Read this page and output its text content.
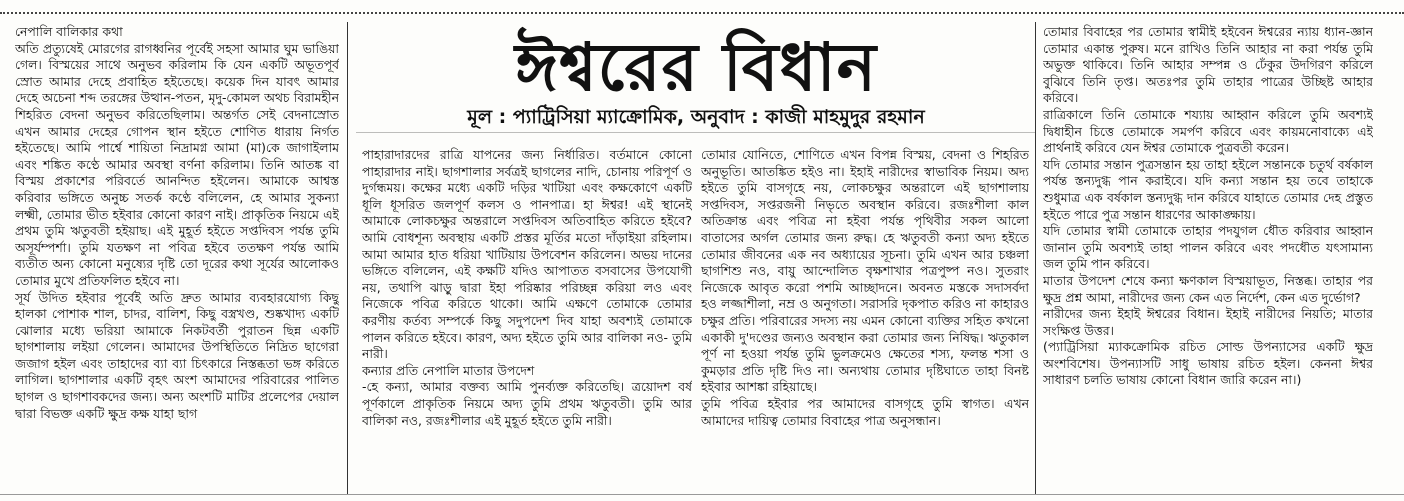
নেপালি বালিকার কথা

অতি প্রত্যুষেই মোরগের রাগধ্বনির পূর্বেই সহসা আমার ঘুম ভাঙিয়া গেল। বিস্ময়ের সাথে অনুভব করিলাম কি যেন একটি অভূতপূর্ব স্রোত আমার দেহে প্রবাহিত হইতেছে। কয়েক দিন যাবৎ আমার দেহে অচেনা শব্দ তরঙ্গের উত্থান-পতন, মৃদু-কোমল অথচ বিরামহীন শিহরিত বেদনা অনুভব করিতেছিলাম। অন্তর্গত সেই বেদনাস্রোত এখন আমার দেহের গোপন স্থান হইতে শোণিত ধারায় নির্গত হইতেছে। আমি পার্শ্বে শায়িতা নিদ্রামগ্ন আমা (মা)কে জাগাইলাম এবং শঙ্কিত কণ্ঠে আমার অবস্থা বর্ণনা করিলাম। তিনি আতঙ্ক বা বিস্ময় প্রকাশের পরিবর্তে আনন্দিত হইলেন। আমাকে আশ্বস্ত করিবার ভঙ্গিতে অনুচ্চ সতর্ক কণ্ঠে বলিলেন, হে আমার সুকন্যা লক্ষ্মী, তোমার ভীত হইবার কোনো কারণ নাই। প্রাকৃতিক নিয়মে এই প্রথম তুমি ঋতুবতী হইয়াছ। এই মুহূর্ত হইতে সপ্তদিবস পর্যন্ত তুমি অসূর্যম্পর্শা। তুমি যতক্ষণ না পবিত্র হইবে ততক্ষণ পর্যন্ত আমি ব্যতীত অন্য কোনো মনুষ্যের দৃষ্টি তো দূরের কথা সূর্যের আলোকও তোমার মুখে প্রতিফলিত হইবে না।

সূর্য উদিত হইবার পূর্বেই অতি দ্রুত আমার ব্যবহারযোগ্য কিছু হালকা পোশাক শাল, চাদর, বালিশ, কিছু বস্ত্রখণ্ড, শুষ্কখাদ্য একটি ঝোলার মধ্যে ভরিয়া আমাকে নিকটবর্তী পুরাতন ছিন্ন একটি ছাগশালায় লইয়া গেলেন। আমাদের উপস্থিতিতে নিদ্রিত ছাগেরা জজাগ হইল এবং তাহাদের ব্যা ব্যা চিৎকারে নিস্তব্ধতা ভঙ্গ করিতে লাগিল। ছাগশালার একটি বৃহৎ অংশ আমাদের পরিবারের পালিত ছাগল ও ছাগশাবকদের জন্য। অন্য অংশটি মাটির প্রলেপের দেয়াল দ্বারা বিভক্ত একটি ক্ষুদ্র কক্ষ যাহা ছাগ

ঈশ্বরের বিধান
মূল : প্যাট্রিসিয়া ম্যাক্রোমিক, অনুবাদ : কাজী মাহমুদুর রহমান

পাহারাদারদের রাত্রি যাপনের জন্য নির্ধারিত। বর্তমানে কোনো পাহারাদার নাই। ছাগশালার সর্বত্রই ছাগলের নাদি, চোনায় পরিপূর্ণ ও দুর্গন্ধময়। কক্ষের মধ্যে একটি দড়ির খাটিয়া এবং কক্ষকোণে একটি ধূলি ধূসরিত জলপূর্ণ কলস ও পানপাত্র। হা ঈশ্বর! এই স্থানেই আমাকে লোকচক্ষুর অন্তরালে সপ্তদিবস অতিবাহিত করিতে হইবে? আমি বোধশূন্য অবস্থায় একটি প্রস্তর মূর্তির মতো দাঁড়াইয়া রহিলাম। আমা আমার হাত ধরিয়া খাটিয়ায় উপবেশন করিলেন। অভয় দানের ভঙ্গিতে বলিলেন, এই কক্ষটি যদিও আপাতত বসবাসের উপযোগী নয়, তথাপি ঝাড়ু দ্বারা ইহা পরিষ্কার পরিচ্ছন্ন করিয়া লও এবং নিজেকে পবিত্র করিতে থাকো। আমি এক্ষণে তোমাকে তোমার করণীয় কর্তব্য সম্পর্কে কিছু সদুপদেশ দিব যাহা অবশ্যই তোমাকে পালন করিতে হইবে। কারণ, অদ্য হইতে তুমি আর বালিকা নও- তুমি নারী।

কন্যার প্রতি নেপালি মাতার উপদেশ

-হে কন্যা, আমার বক্তব্য আমি পুনর্ব্যক্ত করিতেছি। ত্রয়োদশ বর্ষ পূর্ণকালে প্রাকৃতিক নিয়মে অদ্য তুমি প্রথম ঋতুবতী। তুমি আর বালিকা নও, রজঃশীলার এই মুহূর্ত হইতে তুমি নারী।

তোমার যোনিতে, শোণিতে এখন বিপন্ন বিস্ময়, বেদনা ও শিহরিত অনুভূতি। আতঙ্কিত হইও না। ইহাই নারীদের স্বাভাবিক নিয়ম। অদ্য হইতে তুমি বাসগৃহে নয়, লোকচক্ষুর অন্তরালে এই ছাগশালায় সপ্তদিবস, সপ্তরজনী নিভৃতে অবস্থান করিবে। রজঃশীলা কাল অতিক্রান্ত এবং পবিত্র না হইবা পর্যন্ত পৃথিবীর সকল আলো বাতাসের অর্গল তোমার জন্য রুদ্ধ। হে ঋতুবতী কন্যা অদ্য হইতে তোমার জীবনের এক নব অধ্যায়ের সূচনা। তুমি এখন আর চঞ্চলা ছাগশিশু নও, বায়ু আন্দোলিত বৃক্ষশাখার পত্রপুষ্প নও। সুতরাং নিজেকে আবৃত করো পশমি আচ্ছাদনে। অবনত মস্তকে সদাসর্বদা হও লজ্জাশীলা, নম্র ও অনুগতা। সরাসরি দৃকপাত করিও না কাহারও চক্ষুর প্রতি। পরিবারের সদস্য নয় এমন কোনো ব্যক্তির সহিত কখনো একাকী দু'দণ্ডের জন্যও অবস্থান করা তোমার জন্য নিষিদ্ধ। ঋতুকাল পূর্ণ না হওয়া পর্যন্ত তুমি ভুলক্রমেও ক্ষেতের শস্য, ফলন্ত শসা ও কুমড়ার প্রতি দৃষ্টি দিও না। অন্যথায় তোমার দৃষ্টিঘাতে তাহা বিনষ্ট হইবার আশঙ্কা রহিয়াছে।

তুমি পবিত্র হইবার পর আমাদের বাসগৃহে তুমি স্বাগত। এখন আমাদের দায়িত্ব তোমার বিবাহের পাত্র অনুসন্ধান।

তোমার বিবাহের পর তোমার স্বামীই হইবেন ঈশ্বরের ন্যায় ধ্যান-জ্ঞান তোমার একান্ত পুরুষ। মনে রাখিও তিনি আহার না করা পর্যন্ত তুমি অভুক্ত থাকিবে। তিনি আহার সম্পন্ন ও ঢেঁকুর উদগিরণ করিলে বুঝিবে তিনি তৃপ্ত। অতঃপর তুমি তাহার পাত্রের উচ্ছিষ্ট আহার করিবে।

রাত্রিকালে তিনি তোমাকে শয্যায় আহ্বান করিলে তুমি অবশ্যই দ্বিধাহীন চিত্তে তোমাকে সমর্পণ করিবে এবং কায়মনোবাক্যে এই প্রার্থনাই করিবে যেন ঈশ্বর তোমাকে পুত্রবতী করেন।

যদি তোমার সন্তান পুত্রসন্তান হয় তাহা হইলে সন্তানকে চতুর্থ বর্ষকাল পর্যন্ত স্তন্যদুগ্ধ পান করাইবে। যদি কন্যা সন্তান হয় তবে তাহাকে শুধুমাত্র এক বর্ষকাল স্তন্যদুগ্ধ দান করিবে যাহাতে তোমার দেহ প্রস্তুত হইতে পারে পুত্র সন্তান ধারণের আকাঙ্ক্ষায়।

যদি তোমার স্বামী তোমাকে তাহার পদযুগল ধৌত করিবার আহ্বান জানান তুমি অবশ্যই তাহা পালন করিবে এবং পদধৌত যৎসামান্য জল তুমি পান করিবে।

মাতার উপদেশ শেষে কন্যা ক্ষণকাল বিস্ময়াভূত, নিস্তব্ধ। তাহার পর ক্ষুদ্র প্রশ্ন আমা, নারীদের জন্য কেন এত নির্দেশ, কেন এত দুর্ভোগ?

নারীদের জন্য ইহাই ঈশ্বরের বিধান। ইহাই নারীদের নিয়তি; মাতার সংক্ষিপ্ত উত্তর।

(প্যাট্রিসিয়া ম্যাকক্রোমিক রচিত সোল্ড উপন্যাসের একটি ক্ষুদ্র অংশবিশেষ। উপন্যাসটি সাধু ভাষায় রচিত হইল। কেননা ঈশ্বর সাধারণ চলতি ভাষায় কোনো বিধান জারি করেন না।)
